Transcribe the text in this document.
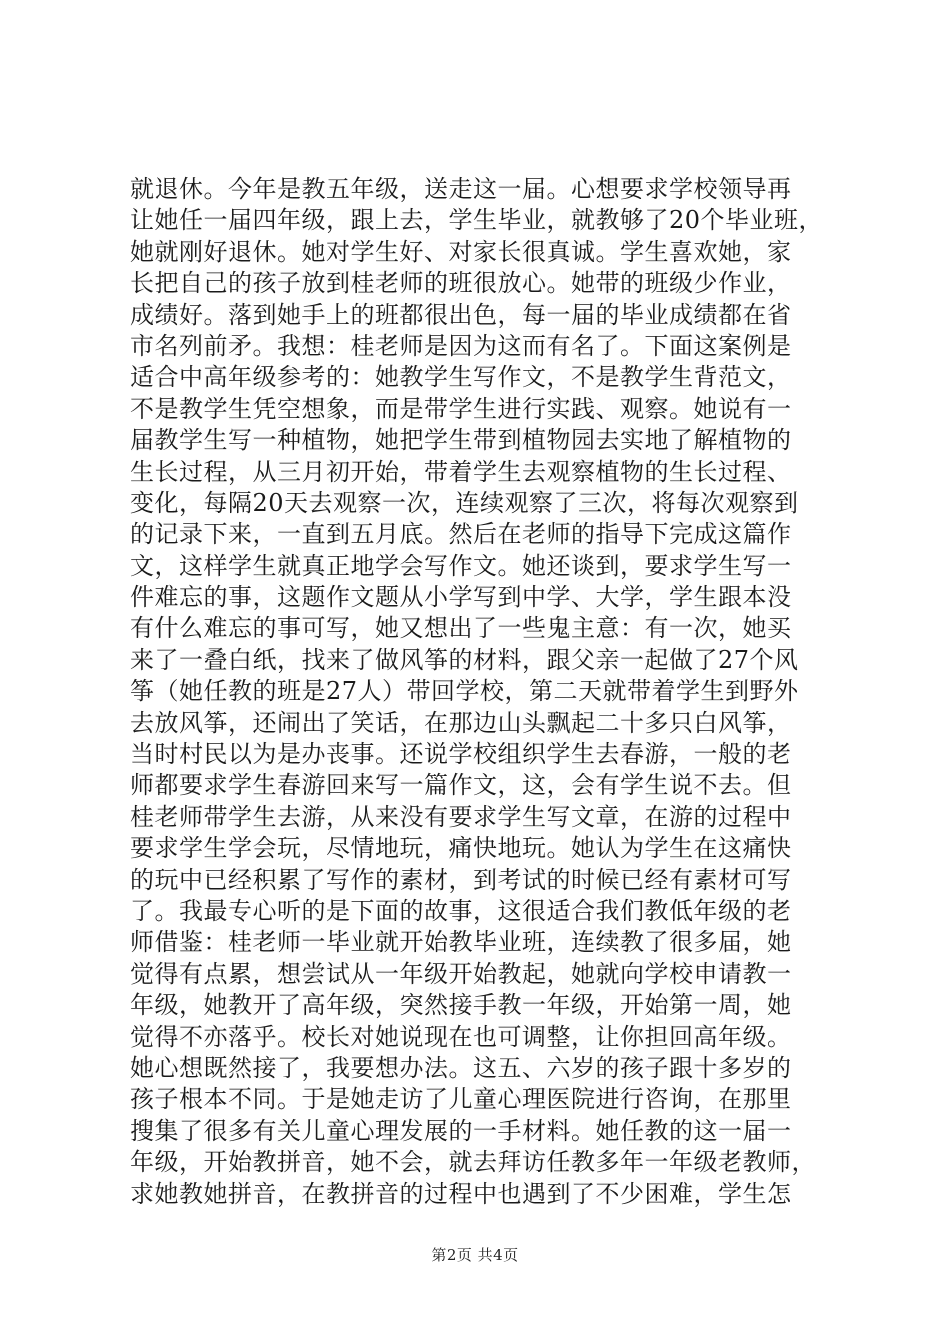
就退休。今年是教五年级，送走这一届。心想要求学校领导再
让她任一届四年级，跟上去，学生毕业，就教够了20个毕业班，
她就刚好退休。她对学生好、对家长很真诚。学生喜欢她，家
长把自己的孩子放到桂老师的班很放心。她带的班级少作业，
成绩好。落到她手上的班都很出色，每一届的毕业成绩都在省
市名列前矛。我想：桂老师是因为这而有名了。下面这案例是
适合中高年级参考的：她教学生写作文，不是教学生背范文，
不是教学生凭空想象，而是带学生进行实践、观察。她说有一
届教学生写一种植物，她把学生带到植物园去实地了解植物的
生长过程，从三月初开始，带着学生去观察植物的生长过程、
变化，每隔20天去观察一次，连续观察了三次，将每次观察到
的记录下来，一直到五月底。然后在老师的指导下完成这篇作
文，这样学生就真正地学会写作文。她还谈到，要求学生写一
件难忘的事，这题作文题从小学写到中学、大学，学生跟本没
有什么难忘的事可写，她又想出了一些鬼主意：有一次，她买
来了一叠白纸，找来了做风筝的材料，跟父亲一起做了27个风
筝（她任教的班是27人）带回学校，第二天就带着学生到野外
去放风筝，还闹出了笑话，在那边山头飘起二十多只白风筝，
当时村民以为是办丧事。还说学校组织学生去春游，一般的老
师都要求学生春游回来写一篇作文，这，会有学生说不去。但
桂老师带学生去游，从来没有要求学生写文章，在游的过程中
要求学生学会玩，尽情地玩，痛快地玩。她认为学生在这痛快
的玩中已经积累了写作的素材，到考试的时候已经有素材可写
了。我最专心听的是下面的故事，这很适合我们教低年级的老
师借鉴：桂老师一毕业就开始教毕业班，连续教了很多届，她
觉得有点累，想尝试从一年级开始教起，她就向学校申请教一
年级，她教开了高年级，突然接手教一年级，开始第一周，她
觉得不亦落乎。校长对她说现在也可调整，让你担回高年级。
她心想既然接了，我要想办法。这五、六岁的孩子跟十多岁的
孩子根本不同。于是她走访了儿童心理医院进行咨询，在那里
搜集了很多有关儿童心理发展的一手材料。她任教的这一届一
年级，开始教拼音，她不会，就去拜访任教多年一年级老教师，
求她教她拼音，在教拼音的过程中也遇到了不少困难，学生怎
第2页 共4页
